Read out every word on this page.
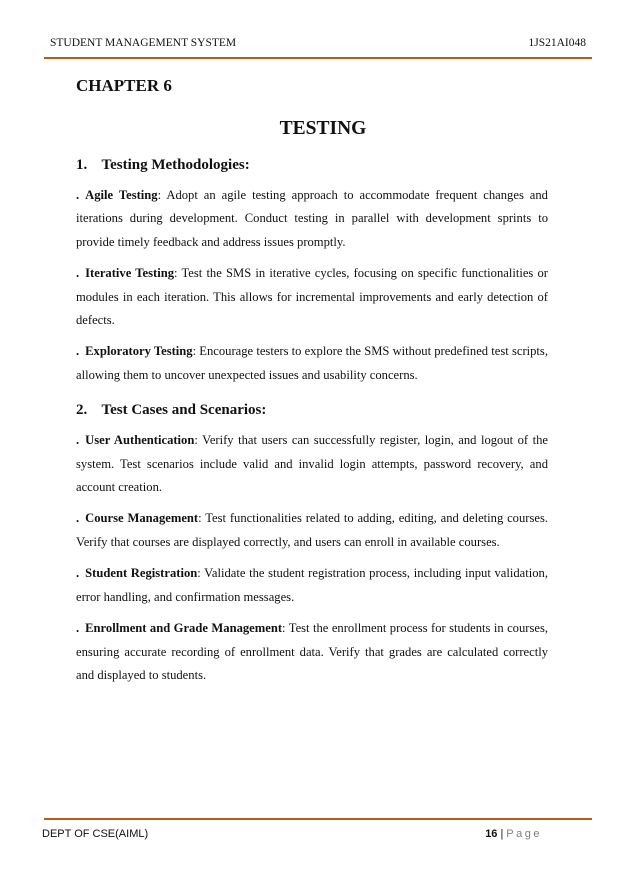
STUDENT MANAGEMENT SYSTEM	1JS21AI048

CHAPTER 6

TESTING

1. Testing Methodologies:

. Agile Testing: Adopt an agile testing approach to accommodate frequent changes and iterations during development. Conduct testing in parallel with development sprints to provide timely feedback and address issues promptly.

. Iterative Testing: Test the SMS in iterative cycles, focusing on specific functionalities or modules in each iteration. This allows for incremental improvements and early detection of defects.

. Exploratory Testing: Encourage testers to explore the SMS without predefined test scripts, allowing them to uncover unexpected issues and usability concerns.

2. Test Cases and Scenarios:

. User Authentication: Verify that users can successfully register, login, and logout of the system. Test scenarios include valid and invalid login attempts, password recovery, and account creation.

. Course Management: Test functionalities related to adding, editing, and deleting courses. Verify that courses are displayed correctly, and users can enroll in available courses.

. Student Registration: Validate the student registration process, including input validation, error handling, and confirmation messages.

. Enrollment and Grade Management: Test the enrollment process for students in courses, ensuring accurate recording of enrollment data. Verify that grades are calculated correctly and displayed to students.

DEPT OF CSE(AIML)	16 | Page
